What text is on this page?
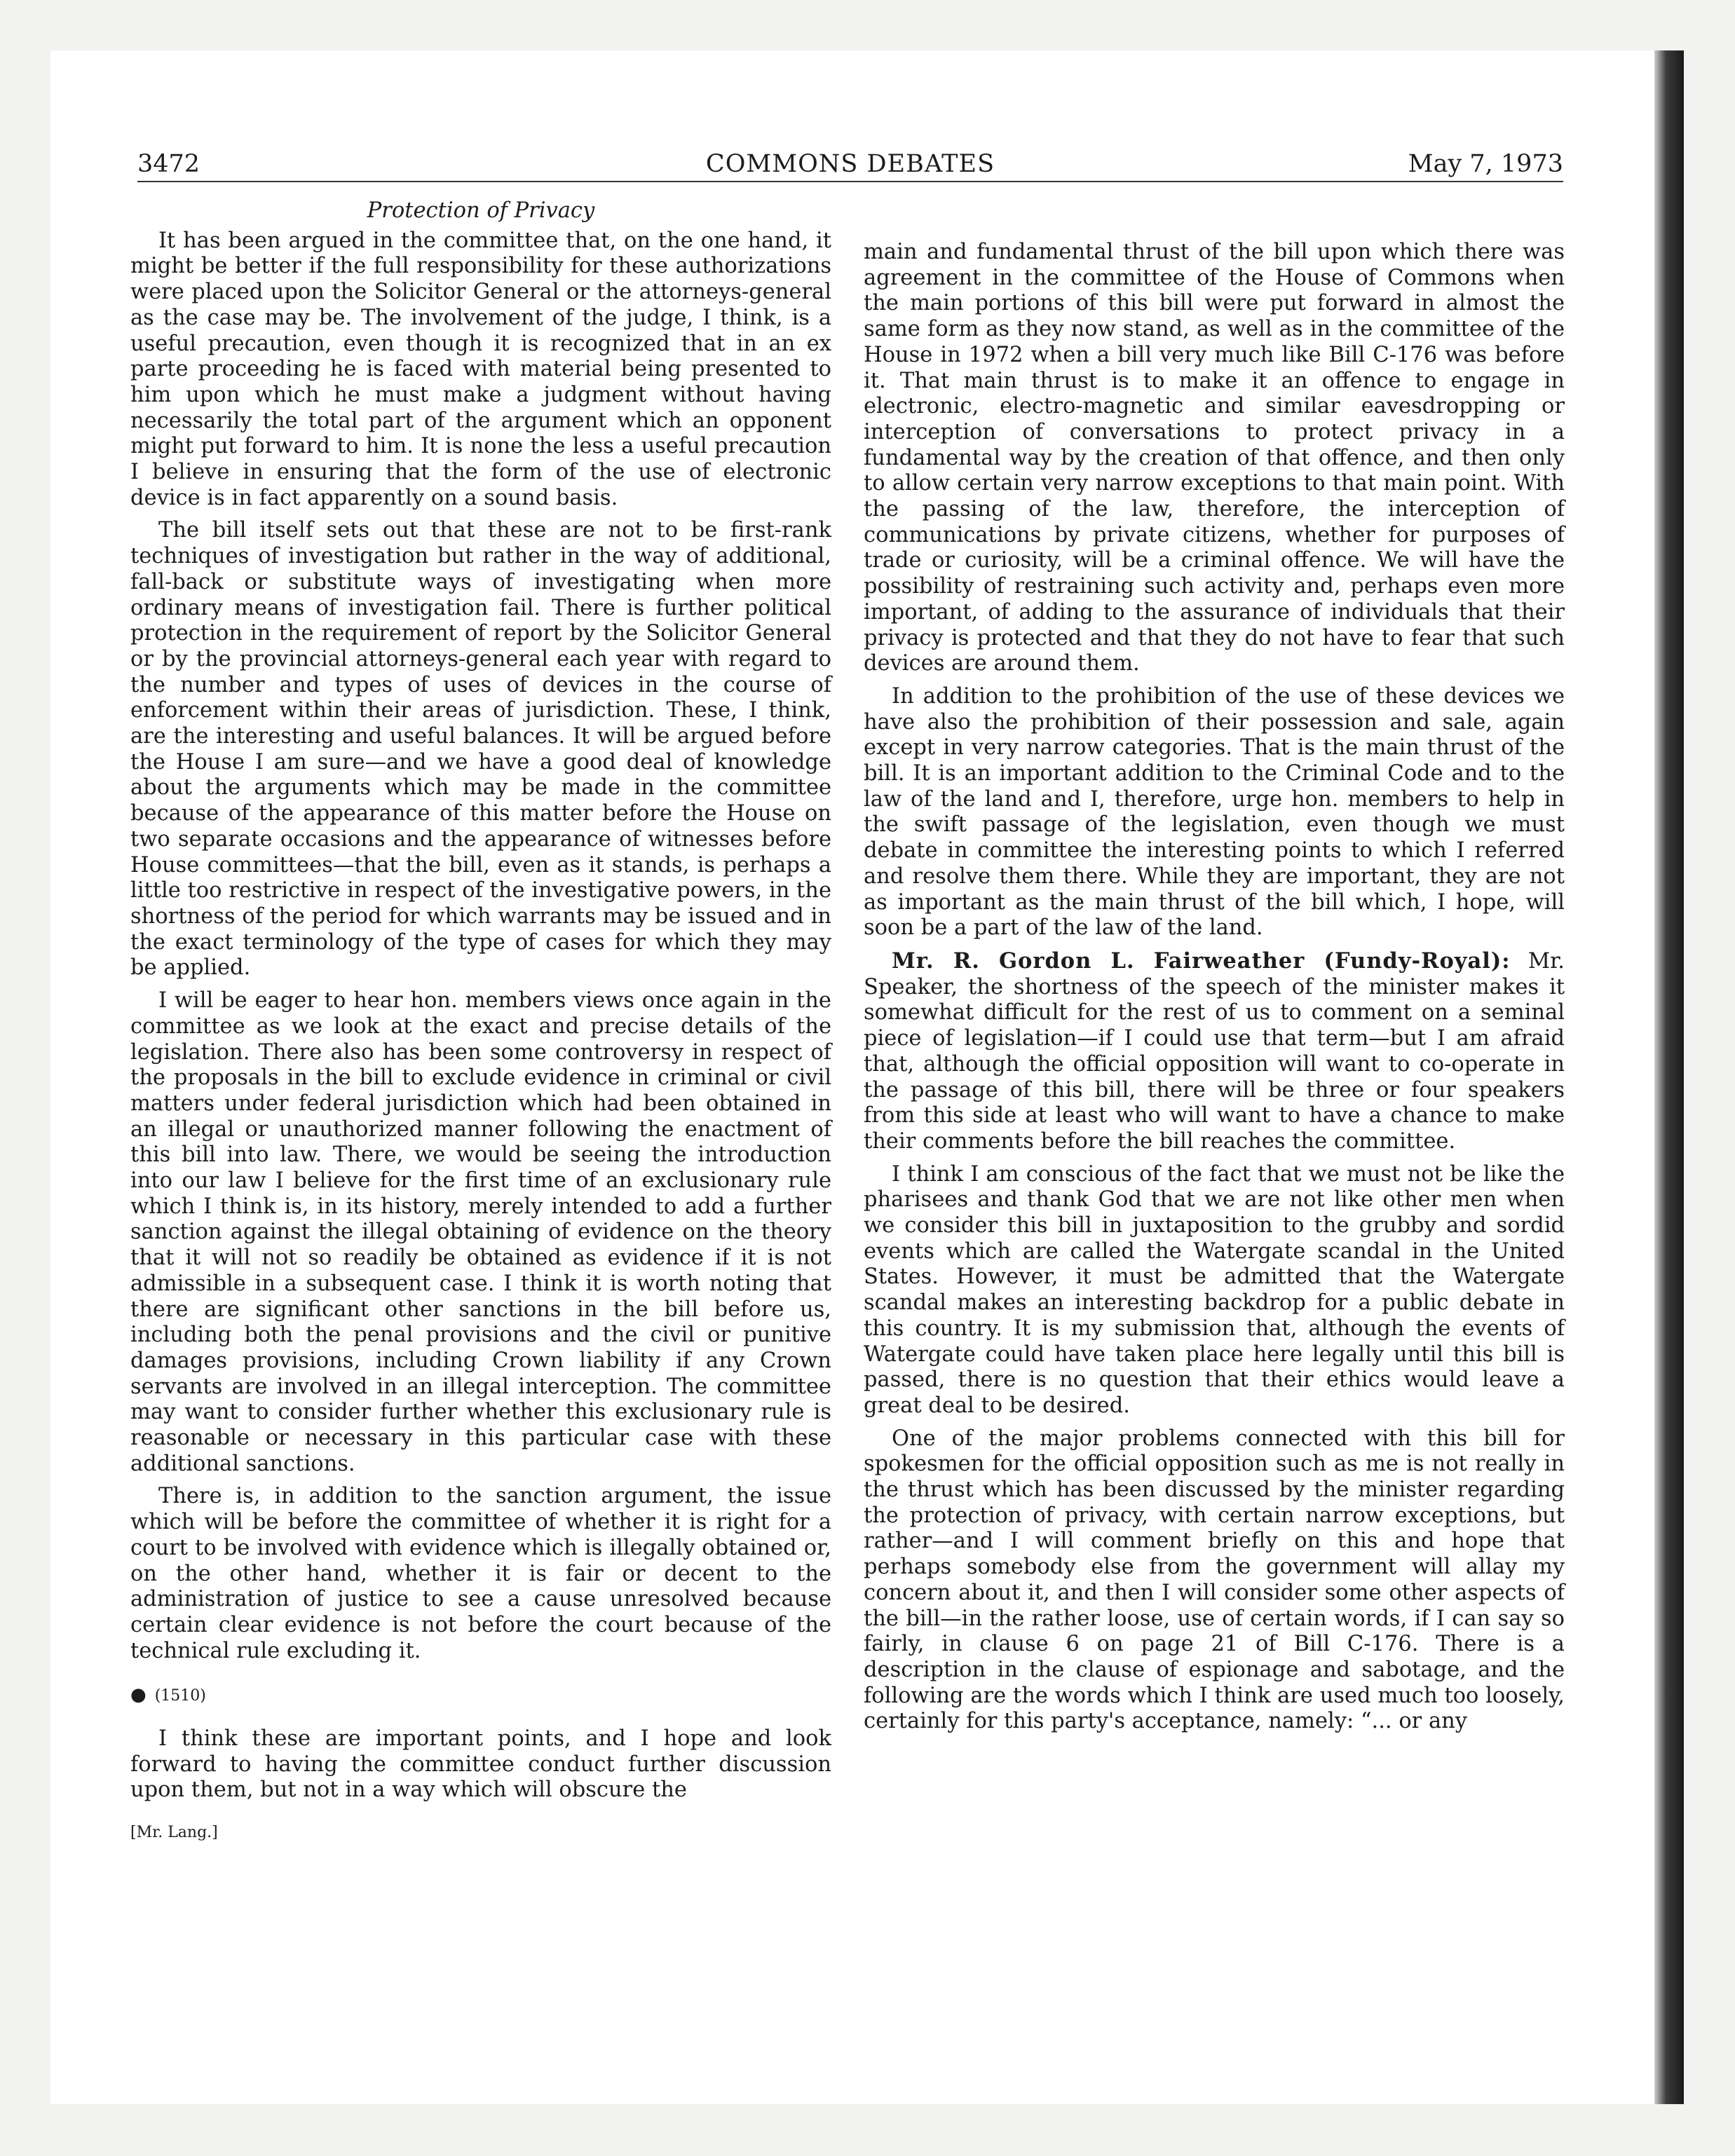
3472	COMMONS DEBATES	May 7, 1973

Protection of Privacy

It has been argued in the committee that, on the one hand, it might be better if the full responsibility for these authorizations were placed upon the Solicitor General or the attorneys-general as the case may be. The involvement of the judge, I think, is a useful precaution, even though it is recognized that in an ex parte proceeding he is faced with material being presented to him upon which he must make a judgment without having necessarily the total part of the argument which an opponent might put forward to him. It is none the less a useful precaution I believe in ensuring that the form of the use of electronic device is in fact apparently on a sound basis.

The bill itself sets out that these are not to be first-rank techniques of investigation but rather in the way of additional, fall-back or substitute ways of investigating when more ordinary means of investigation fail. There is further political protection in the requirement of report by the Solicitor General or by the provincial attorneys-general each year with regard to the number and types of uses of devices in the course of enforcement within their areas of jurisdiction. These, I think, are the interesting and useful balances. It will be argued before the House I am sure—and we have a good deal of knowledge about the arguments which may be made in the committee because of the appearance of this matter before the House on two separate occasions and the appearance of witnesses before House committees—that the bill, even as it stands, is perhaps a little too restrictive in respect of the investigative powers, in the shortness of the period for which warrants may be issued and in the exact terminology of the type of cases for which they may be applied.

I will be eager to hear hon. members views once again in the committee as we look at the exact and precise details of the legislation. There also has been some controversy in respect of the proposals in the bill to exclude evidence in criminal or civil matters under federal jurisdiction which had been obtained in an illegal or unauthorized manner following the enactment of this bill into law. There, we would be seeing the introduction into our law I believe for the first time of an exclusionary rule which I think is, in its history, merely intended to add a further sanction against the illegal obtaining of evidence on the theory that it will not so readily be obtained as evidence if it is not admissible in a subsequent case. I think it is worth noting that there are significant other sanctions in the bill before us, including both the penal provisions and the civil or punitive damages provisions, including Crown liability if any Crown servants are involved in an illegal interception. The committee may want to consider further whether this exclusionary rule is reasonable or necessary in this particular case with these additional sanctions.

There is, in addition to the sanction argument, the issue which will be before the committee of whether it is right for a court to be involved with evidence which is illegally obtained or, on the other hand, whether it is fair or decent to the administration of justice to see a cause unresolved because certain clear evidence is not before the court because of the technical rule excluding it.

● (1510)

I think these are important points, and I hope and look forward to having the committee conduct further discussion upon them, but not in a way which will obscure the

[Mr. Lang.]

main and fundamental thrust of the bill upon which there was agreement in the committee of the House of Commons when the main portions of this bill were put forward in almost the same form as they now stand, as well as in the committee of the House in 1972 when a bill very much like Bill C-176 was before it. That main thrust is to make it an offence to engage in electronic, electro-magnetic and similar eavesdropping or interception of conversations to protect privacy in a fundamental way by the creation of that offence, and then only to allow certain very narrow exceptions to that main point. With the passing of the law, therefore, the interception of communications by private citizens, whether for purposes of trade or curiosity, will be a criminal offence. We will have the possibility of restraining such activity and, perhaps even more important, of adding to the assurance of individuals that their privacy is protected and that they do not have to fear that such devices are around them.

In addition to the prohibition of the use of these devices we have also the prohibition of their possession and sale, again except in very narrow categories. That is the main thrust of the bill. It is an important addition to the Criminal Code and to the law of the land and I, therefore, urge hon. members to help in the swift passage of the legislation, even though we must debate in committee the interesting points to which I referred and resolve them there. While they are important, they are not as important as the main thrust of the bill which, I hope, will soon be a part of the law of the land.

Mr. R. Gordon L. Fairweather (Fundy-Royal): Mr. Speaker, the shortness of the speech of the minister makes it somewhat difficult for the rest of us to comment on a seminal piece of legislation—if I could use that term—but I am afraid that, although the official opposition will want to co-operate in the passage of this bill, there will be three or four speakers from this side at least who will want to have a chance to make their comments before the bill reaches the committee.

I think I am conscious of the fact that we must not be like the pharisees and thank God that we are not like other men when we consider this bill in juxtaposition to the grubby and sordid events which are called the Watergate scandal in the United States. However, it must be admitted that the Watergate scandal makes an interesting backdrop for a public debate in this country. It is my submission that, although the events of Watergate could have taken place here legally until this bill is passed, there is no question that their ethics would leave a great deal to be desired.

One of the major problems connected with this bill for spokesmen for the official opposition such as me is not really in the thrust which has been discussed by the minister regarding the protection of privacy, with certain narrow exceptions, but rather—and I will comment briefly on this and hope that perhaps somebody else from the government will allay my concern about it, and then I will consider some other aspects of the bill—in the rather loose, use of certain words, if I can say so fairly, in clause 6 on page 21 of Bill C-176. There is a description in the clause of espionage and sabotage, and the following are the words which I think are used much too loosely, certainly for this party's acceptance, namely: “... or any
